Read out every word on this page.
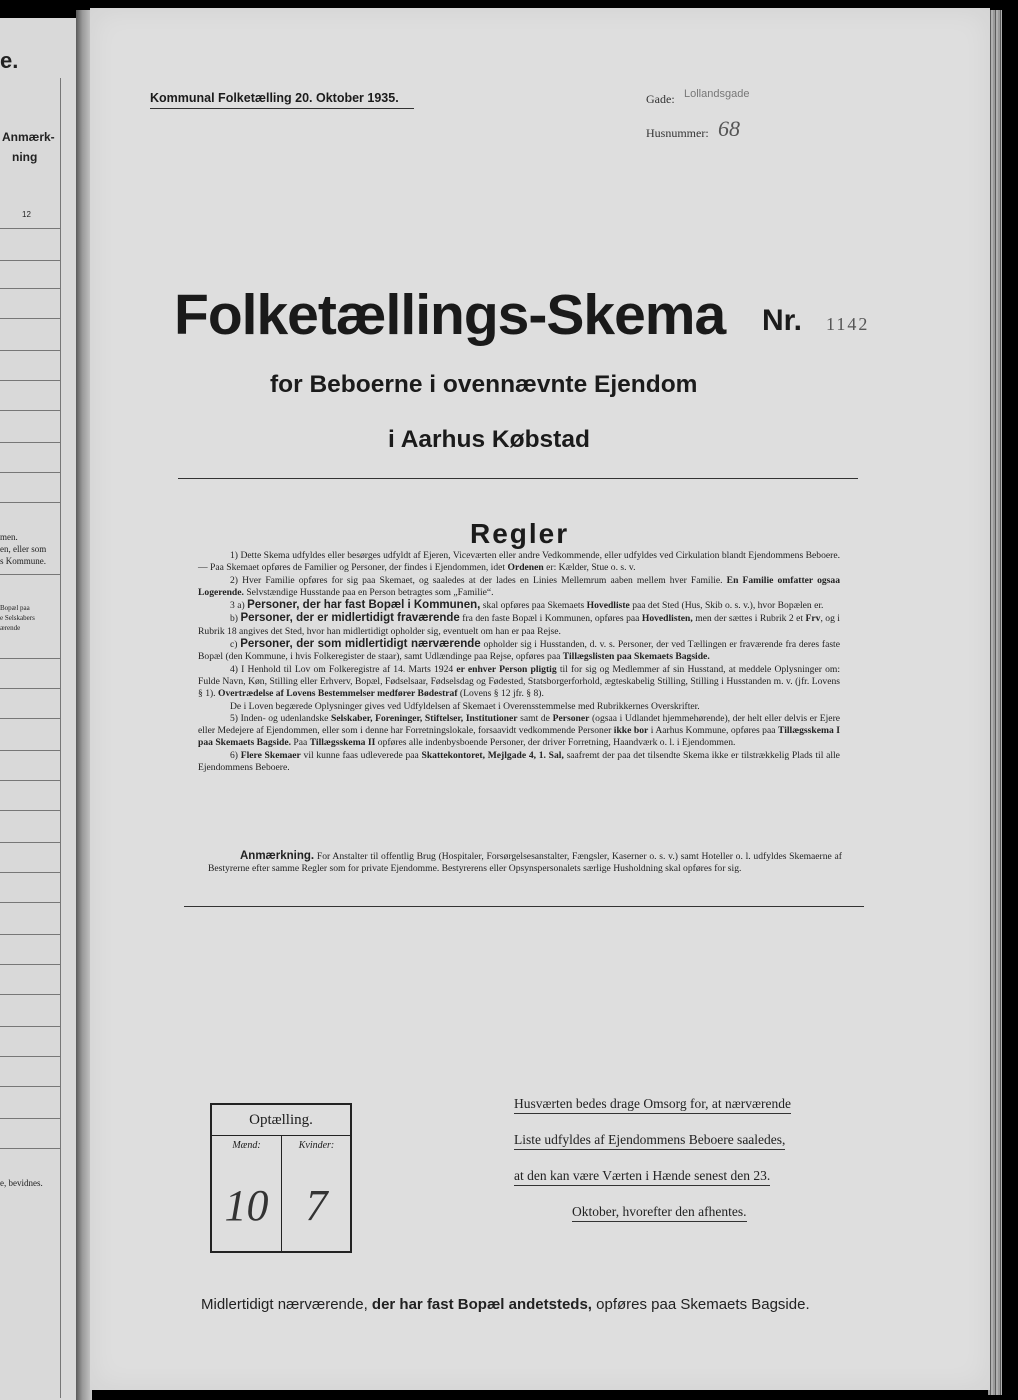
e.
Anmærk-
ning
12
men.
en, eller som
s Kommune.
Bopæl paa
e Selskabers
ærende
e, bevidnes.
Kommunal Folketælling 20. Oktober 1935.	Gade: Lollandsgade
Husnummer: 68
Folketællings-Skema Nr. 1142
for Beboerne i ovennævnte Ejendom
i Aarhus Købstad
Regler

1) Dette Skema udfyldes eller besørges udfyldt af Ejeren, Viceværten eller andre Vedkommende, eller udfyldes ved Cirkulation blandt Ejendommens Beboere. — Paa Skemaet opføres de Familier og Personer, der findes i Ejendommen, idet Ordenen er: Kælder, Stue o. s. v.

2) Hver Familie opføres for sig paa Skemaet, og saaledes at der lades en Linies Mellemrum aaben mellem hver Familie. En Familie omfatter ogsaa Logerende. Selvstændige Husstande paa en Person betragtes som „Familie“.

3 a) Personer, der har fast Bopæl i Kommunen, skal opføres paa Skemaets Hovedliste paa det Sted (Hus, Skib o. s. v.), hvor Bopælen er.

b) Personer, der er midlertidigt fraværende fra den faste Bopæl i Kommunen, opføres paa Hovedlisten, men der sættes i Rubrik 2 et Frv, og i Rubrik 18 angives det Sted, hvor han midlertidigt opholder sig, eventuelt om han er paa Rejse.

c) Personer, der som midlertidigt nærværende opholder sig i Husstanden, d. v. s. Personer, der ved Tællingen er fraværende fra deres faste Bopæl (den Kommune, i hvis Folkeregister de staar), samt Udlændinge paa Rejse, opføres paa Tillægslisten paa Skemaets Bagside.

4) I Henhold til Lov om Folkeregistre af 14. Marts 1924 er enhver Person pligtig til for sig og Medlemmer af sin Husstand, at meddele Oplysninger om: Fulde Navn, Køn, Stilling eller Erhverv, Bopæl, Fødselsaar, Fødselsdag og Fødested, Statsborgerforhold, ægteskabelig Stilling, Stilling i Husstanden m. v. (jfr. Lovens § 1). Overtrædelse af Lovens Bestemmelser medfører Bødestraf (Lovens § 12 jfr. § 8).

De i Loven begærede Oplysninger gives ved Udfyldelsen af Skemaet i Overensstemmelse med Rubrikkernes Overskrifter.

5) Inden- og udenlandske Selskaber, Foreninger, Stiftelser, Institutioner samt de Personer (ogsaa i Udlandet hjemmehørende), der helt eller delvis er Ejere eller Medejere af Ejendommen, eller som i denne har Forretningslokale, forsaavidt vedkommende Personer ikke bor i Aarhus Kommune, opføres paa Tillægsskema I paa Skemaets Bagside. Paa Tillægsskema II opføres alle indenbysboende Personer, der driver Forretning, Haandværk o. l. i Ejendommen.

6) Flere Skemaer vil kunne faas udleverede paa Skattekontoret, Mejlgade 4, 1. Sal, saafremt der paa det tilsendte Skema ikke er tilstrækkelig Plads til alle Ejendommens Beboere.

Anmærkning. For Anstalter til offentlig Brug (Hospitaler, Forsørgelsesanstalter, Fængsler, Kaserner o. s. v.) samt Hoteller o. l. udfyldes Skemaerne af Bestyrerne efter samme Regler som for private Ejendomme. Bestyrerens eller Opsynspersonalets særlige Husholdning skal opføres for sig.

Optælling.
Mænd:
10
Kvinder:
7
Husværten bedes drage Omsorg for, at nærværende
Liste udfyldes af Ejendommens Beboere saaledes,
at den kan være Værten i Hænde senest den 23.
Oktober, hvorefter den afhentes.
Midlertidigt nærværende, der har fast Bopæl andetsteds, opføres paa Skemaets Bagside.
